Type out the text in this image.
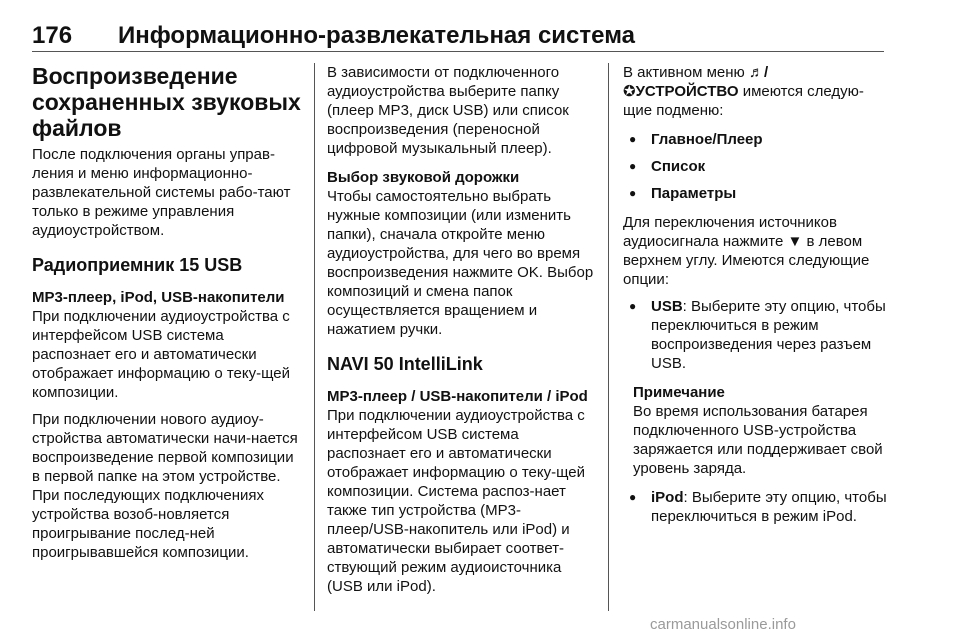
176 Информационно-развлекательная система
Воспроизведение сохраненных звуковых файлов

После подключения органы управ-ления и меню информационно-развлекательной системы рабо-тают только в режиме управления аудиоустройством.

Радиоприемник 15 USB

MP3-плеер, iPod, USB-накопители

При подключении аудиоустройства с интерфейсом USB система распознает его и автоматически отображает информацию о теку-щей композиции.

При подключении нового аудиоу-стройства автоматически начи-нается воспроизведение первой композиции в первой папке на этом устройстве. При последующих подключениях устройства возоб-новляется проигрывание послед-ней проигрывавшейся композиции.

В зависимости от подключенного аудиоустройства выберите папку (плеер MP3, диск USB) или список воспроизведения (переносной цифровой музыкальный плеер).

Выбор звуковой дорожки

Чтобы самостоятельно выбрать нужные композиции (или изменить папки), сначала откройте меню аудиоустройства, для чего во время воспроизведения нажмите OK. Выбор композиций и смена папок осуществляется вращением и нажатием ручки.

NAVI 50 IntelliLink

MP3-плеер / USB-накопители / iPod

При подключении аудиоустройства с интерфейсом USB система распознает его и автоматически отображает информацию о теку-щей композиции. Система распоз-нает также тип устройства (MP3-плеер/USB-накопитель или iPod) и автоматически выбирает соответ-ствующий режим аудиоисточника (USB или iPod).

В активном меню ♬/
✪УСТРОЙСТВО имеются следую-щие подменю:

● Главное/Плеер
● Список
● Параметры

Для переключения источников аудиосигнала нажмите ▼ в левом верхнем углу. Имеются следующие опции:

● USB: Выберите эту опцию, чтобы переключиться в режим воспроизведения через разъем USB.

Примечание

Во время использования батарея подключенного USB-устройства заряжается или поддерживает свой уровень заряда.

● iPod: Выберите эту опцию, чтобы переключиться в режим iPod.
carmanualsonline.info
